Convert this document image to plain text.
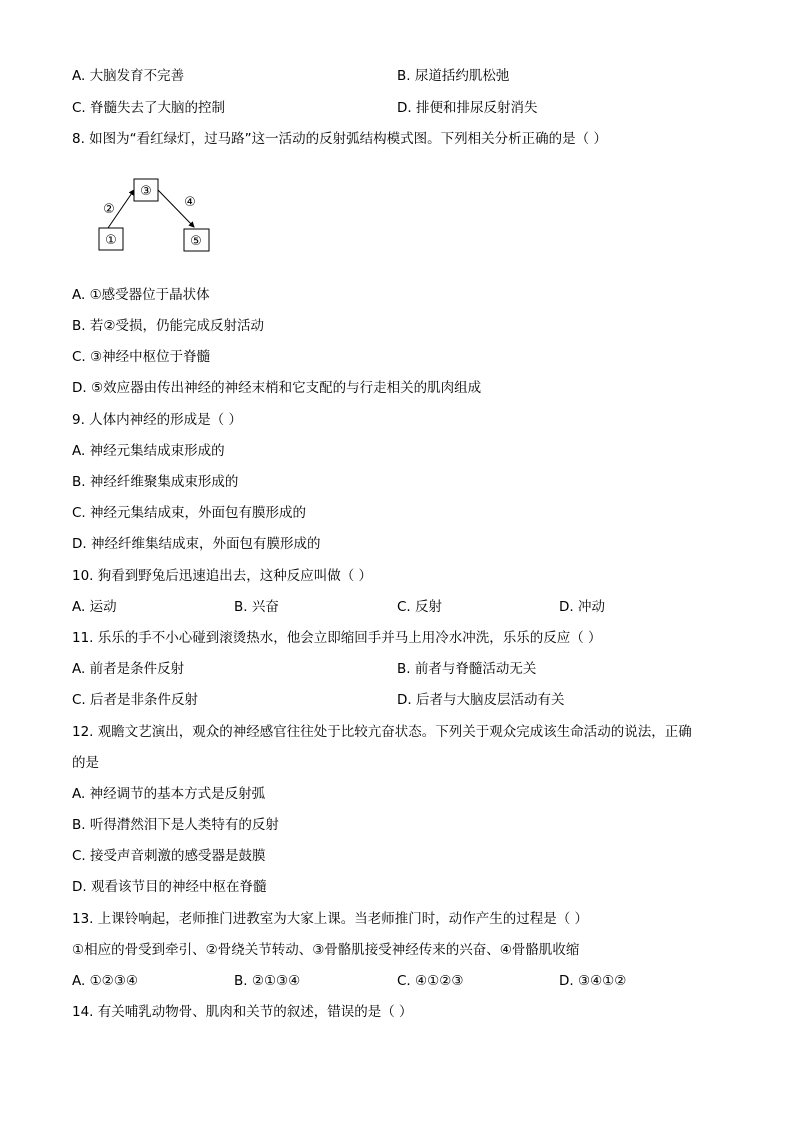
A. 大脑发育不完善	B. 尿道括约肌松弛
C. 脊髓失去了大脑的控制	D. 排便和排尿反射消失
8. 如图为“看红绿灯，过马路”这一活动的反射弧结构模式图。下列相关分析正确的是（ ）
①
③
⑤
②	④
A. ①感受器位于晶状体
B. 若②受损，仍能完成反射活动
C. ③神经中枢位于脊髓
D. ⑤效应器由传出神经的神经末梢和它支配的与行走相关的肌肉组成
9. 人体内神经的形成是（ ）
A. 神经元集结成束形成的
B. 神经纤维聚集成束形成的
C. 神经元集结成束，外面包有膜形成的
D. 神经纤维集结成束，外面包有膜形成的
10. 狗看到野兔后迅速追出去，这种反应叫做（ ）
A. 运动	B. 兴奋	C. 反射	D. 冲动
11. 乐乐的手不小心碰到滚烫热水，他会立即缩回手并马上用冷水冲洗，乐乐的反应（ ）
A. 前者是条件反射	B. 前者与脊髓活动无关
C. 后者是非条件反射	D. 后者与大脑皮层活动有关
12. 观瞻文艺演出，观众的神经感官往往处于比较亢奋状态。下列关于观众完成该生命活动的说法，正确
的是
A. 神经调节的基本方式是反射弧
B. 听得潸然泪下是人类特有的反射
C. 接受声音刺激的感受器是鼓膜
D. 观看该节目的神经中枢在脊髓
13. 上课铃响起，老师推门进教室为大家上课。当老师推门时，动作产生的过程是（ ）
①相应的骨受到牵引、②骨绕关节转动、③骨骼肌接受神经传来的兴奋、④骨骼肌收缩
A. ①②③④	B. ②①③④	C. ④①②③	D. ③④①②
14. 有关哺乳动物骨、肌肉和关节的叙述，错误的是（ ）
